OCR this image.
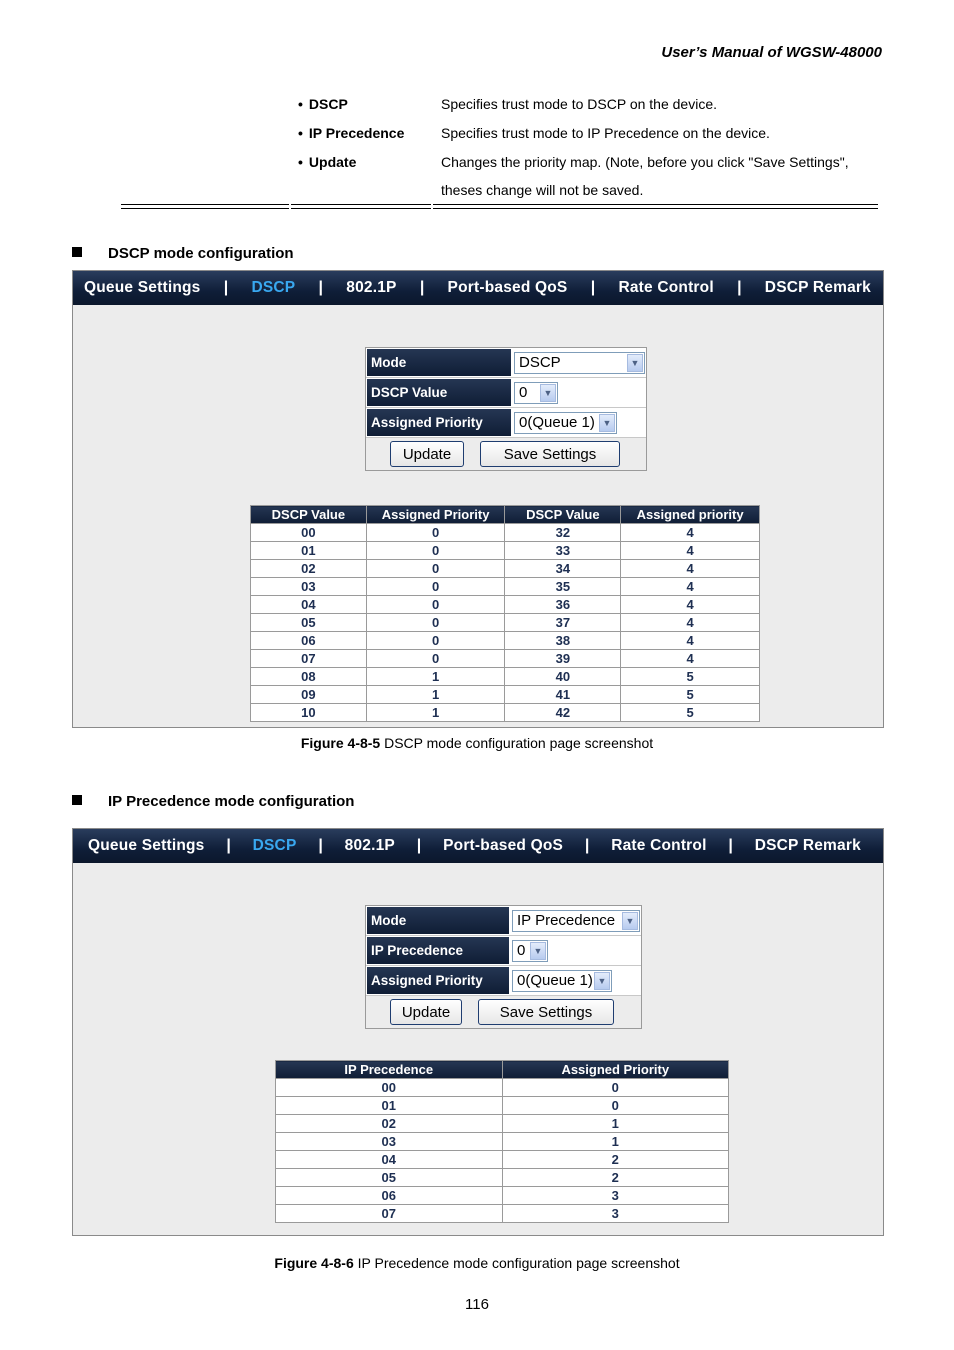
User’s Manual of WGSW-48000
• DSCP	Specifies trust mode to DSCP on the device.
• IP Precedence	Specifies trust mode to IP Precedence on the device.
• Update	Changes the priority map. (Note, before you click "Save Settings", theses change will not be saved.
DSCP mode configuration
Queue Settings | DSCP | 802.1P | Port-based QoS | Rate Control | DSCP Remark
Mode	DSCP	▼
DSCP Value	0	▼
Assigned Priority	0(Queue 1) ▼
Update	Save Settings
DSCP Value	Assigned Priority	DSCP Value	Assigned priority
00	0	32	4
01	0	33	4
02	0	34	4
03	0	35	4
04	0	36	4
05	0	37	4
06	0	38	4
07	0	39	4
08	1	40	5
09	1	41	5
10	1	42	5
Figure 4-8-5 DSCP mode configuration page screenshot
IP Precedence mode configuration
Queue Settings | DSCP | 802.1P | Port-based QoS | Rate Control | DSCP Remark
Mode	IP Precedence	▼
IP Precedence	0 ▼
Assigned Priority	0(Queue 1) ▼
Update	Save Settings
IP Precedence	Assigned Priority
00	0
01	0
02	1
03	1
04	2
05	2
06	3
07	3
Figure 4-8-6 IP Precedence mode configuration page screenshot
116
